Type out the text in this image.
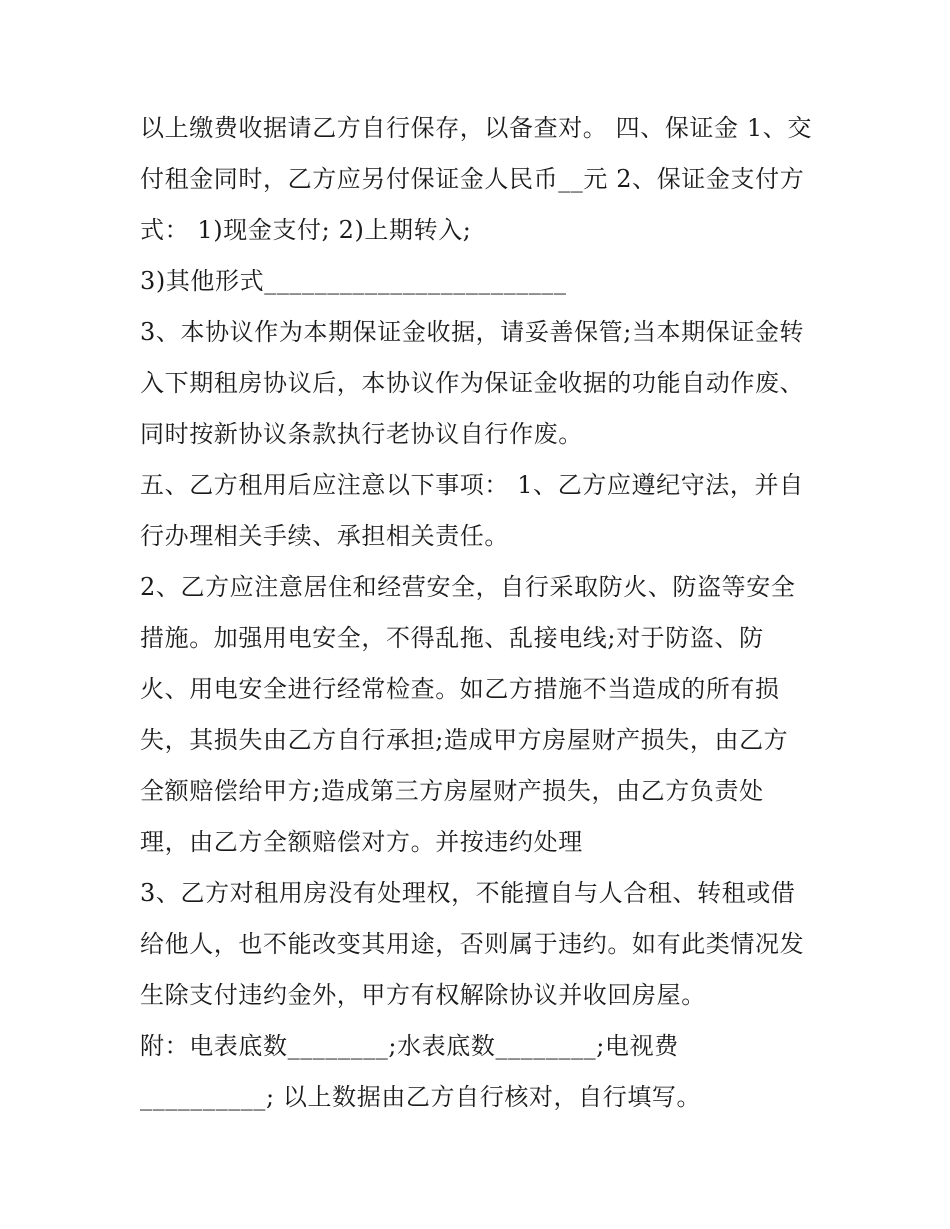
以上缴费收据请乙方自行保存，以备查对。 四、保证金 1、交
付租金同时，乙方应另付保证金人民币__元 2、保证金支付方
式： 1)现金支付; 2)上期转入;
3)其他形式________________________
3、本协议作为本期保证金收据，请妥善保管;当本期保证金转
入下期租房协议后，本协议作为保证金收据的功能自动作废、
同时按新协议条款执行老协议自行作废。
五、乙方租用后应注意以下事项： 1、乙方应遵纪守法，并自
行办理相关手续、承担相关责任。
2、乙方应注意居住和经营安全，自行采取防火、防盗等安全
措施。加强用电安全，不得乱拖、乱接电线;对于防盗、防
火、用电安全进行经常检查。如乙方措施不当造成的所有损
失，其损失由乙方自行承担;造成甲方房屋财产损失，由乙方
全额赔偿给甲方;造成第三方房屋财产损失，由乙方负责处
理，由乙方全额赔偿对方。并按违约处理
3、乙方对租用房没有处理权，不能擅自与人合租、转租或借
给他人，也不能改变其用途，否则属于违约。如有此类情况发
生除支付违约金外，甲方有权解除协议并收回房屋。
附：电表底数________;水表底数________;电视费
__________; 以上数据由乙方自行核对，自行填写。
